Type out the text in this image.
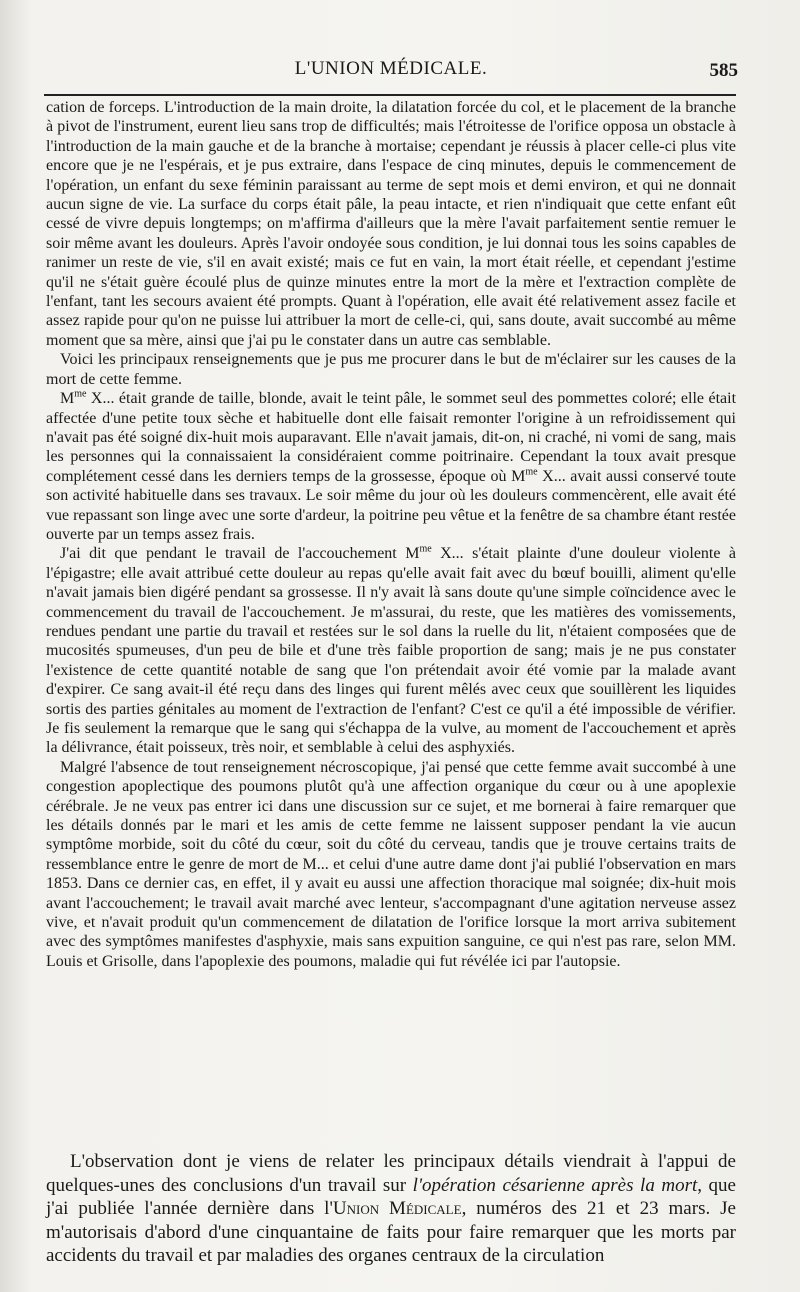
L'UNION MÉDICALE.	585

cation de forceps. L'introduction de la main droite, la dilatation forcée du col, et le placement de la branche à pivot de l'instrument, eurent lieu sans trop de difficultés; mais l'étroitesse de l'orifice opposa un obstacle à l'introduction de la main gauche et de la branche à mortaise; cependant je réussis à placer celle-ci plus vite encore que je ne l'espérais, et je pus extraire, dans l'espace de cinq minutes, depuis le commencement de l'opération, un enfant du sexe féminin paraissant au terme de sept mois et demi environ, et qui ne donnait aucun signe de vie. La surface du corps était pâle, la peau intacte, et rien n'indiquait que cette enfant eût cessé de vivre depuis longtemps; on m'affirma d'ailleurs que la mère l'avait parfaitement sentie remuer le soir même avant les douleurs. Après l'avoir ondoyée sous condition, je lui donnai tous les soins capables de ranimer un reste de vie, s'il en avait existé; mais ce fut en vain, la mort était réelle, et cependant j'estime qu'il ne s'était guère écoulé plus de quinze minutes entre la mort de la mère et l'extraction complète de l'enfant, tant les secours avaient été prompts. Quant à l'opération, elle avait été relativement assez facile et assez rapide pour qu'on ne puisse lui attribuer la mort de celle-ci, qui, sans doute, avait succombé au même moment que sa mère, ainsi que j'ai pu le constater dans un autre cas semblable.

Voici les principaux renseignements que je pus me procurer dans le but de m'éclairer sur les causes de la mort de cette femme.

$M^{me}$ X... était grande de taille, blonde, avait le teint pâle, le sommet seul des pommettes coloré; elle était affectée d'une petite toux sèche et habituelle dont elle faisait remonter l'origine à un refroidissement qui n'avait pas été soigné dix-huit mois auparavant. Elle n'avait jamais, dit-on, ni craché, ni vomi de sang, mais les personnes qui la connaissaient la considéraient comme poitrinaire. Cependant la toux avait presque complétement cessé dans les derniers temps de la grossesse, époque où $M^{me}$ X... avait aussi conservé toute son activité habituelle dans ses travaux. Le soir même du jour où les douleurs commencèrent, elle avait été vue repassant son linge avec une sorte d'ardeur, la poitrine peu vêtue et la fenêtre de sa chambre étant restée ouverte par un temps assez frais.

J'ai dit que pendant le travail de l'accouchement $M^{me}$ X... s'était plainte d'une douleur violente à l'épigastre; elle avait attribué cette douleur au repas qu'elle avait fait avec du bœuf bouilli, aliment qu'elle n'avait jamais bien digéré pendant sa grossesse. Il n'y avait là sans doute qu'une simple coïncidence avec le commencement du travail de l'accouchement. Je m'assurai, du reste, que les matières des vomissements, rendues pendant une partie du travail et restées sur le sol dans la ruelle du lit, n'étaient composées que de mucosités spumeuses, d'un peu de bile et d'une très faible proportion de sang; mais je ne pus constater l'existence de cette quantité notable de sang que l'on prétendait avoir été vomie par la malade avant d'expirer. Ce sang avait-il été reçu dans des linges qui furent mêlés avec ceux que souillèrent les liquides sortis des parties génitales au moment de l'extraction de l'enfant? C'est ce qu'il a été impossible de vérifier. Je fis seulement la remarque que le sang qui s'échappa de la vulve, au moment de l'accouchement et après la délivrance, était poisseux, très noir, et semblable à celui des asphyxiés.

Malgré l'absence de tout renseignement nécroscopique, j'ai pensé que cette femme avait succombé à une congestion apoplectique des poumons plutôt qu'à une affection organique du cœur ou à une apoplexie cérébrale. Je ne veux pas entrer ici dans une discussion sur ce sujet, et me bornerai à faire remarquer que les détails donnés par le mari et les amis de cette femme ne laissent supposer pendant la vie aucun symptôme morbide, soit du côté du cœur, soit du côté du cerveau, tandis que je trouve certains traits de ressemblance entre le genre de mort de M... et celui d'une autre dame dont j'ai publié l'observation en mars 1853. Dans ce dernier cas, en effet, il y avait eu aussi une affection thoracique mal soignée; dix-huit mois avant l'accouchement; le travail avait marché avec lenteur, s'accompagnant d'une agitation nerveuse assez vive, et n'avait produit qu'un commencement de dilatation de l'orifice lorsque la mort arriva subitement avec des symptômes manifestes d'asphyxie, mais sans expuition sanguine, ce qui n'est pas rare, selon MM. Louis et Grisolle, dans l'apoplexie des poumons, maladie qui fut révélée ici par l'autopsie.

L'observation dont je viens de relater les principaux détails viendrait à l'appui de quelques-unes des conclusions d'un travail sur l'opération césarienne après la mort, que j'ai publiée l'année dernière dans l'Union Médicale, numéros des 21 et 23 mars. Je m'autorisais d'abord d'une cinquantaine de faits pour faire remarquer que les morts par accidents du travail et par maladies des organes centraux de la circulation
